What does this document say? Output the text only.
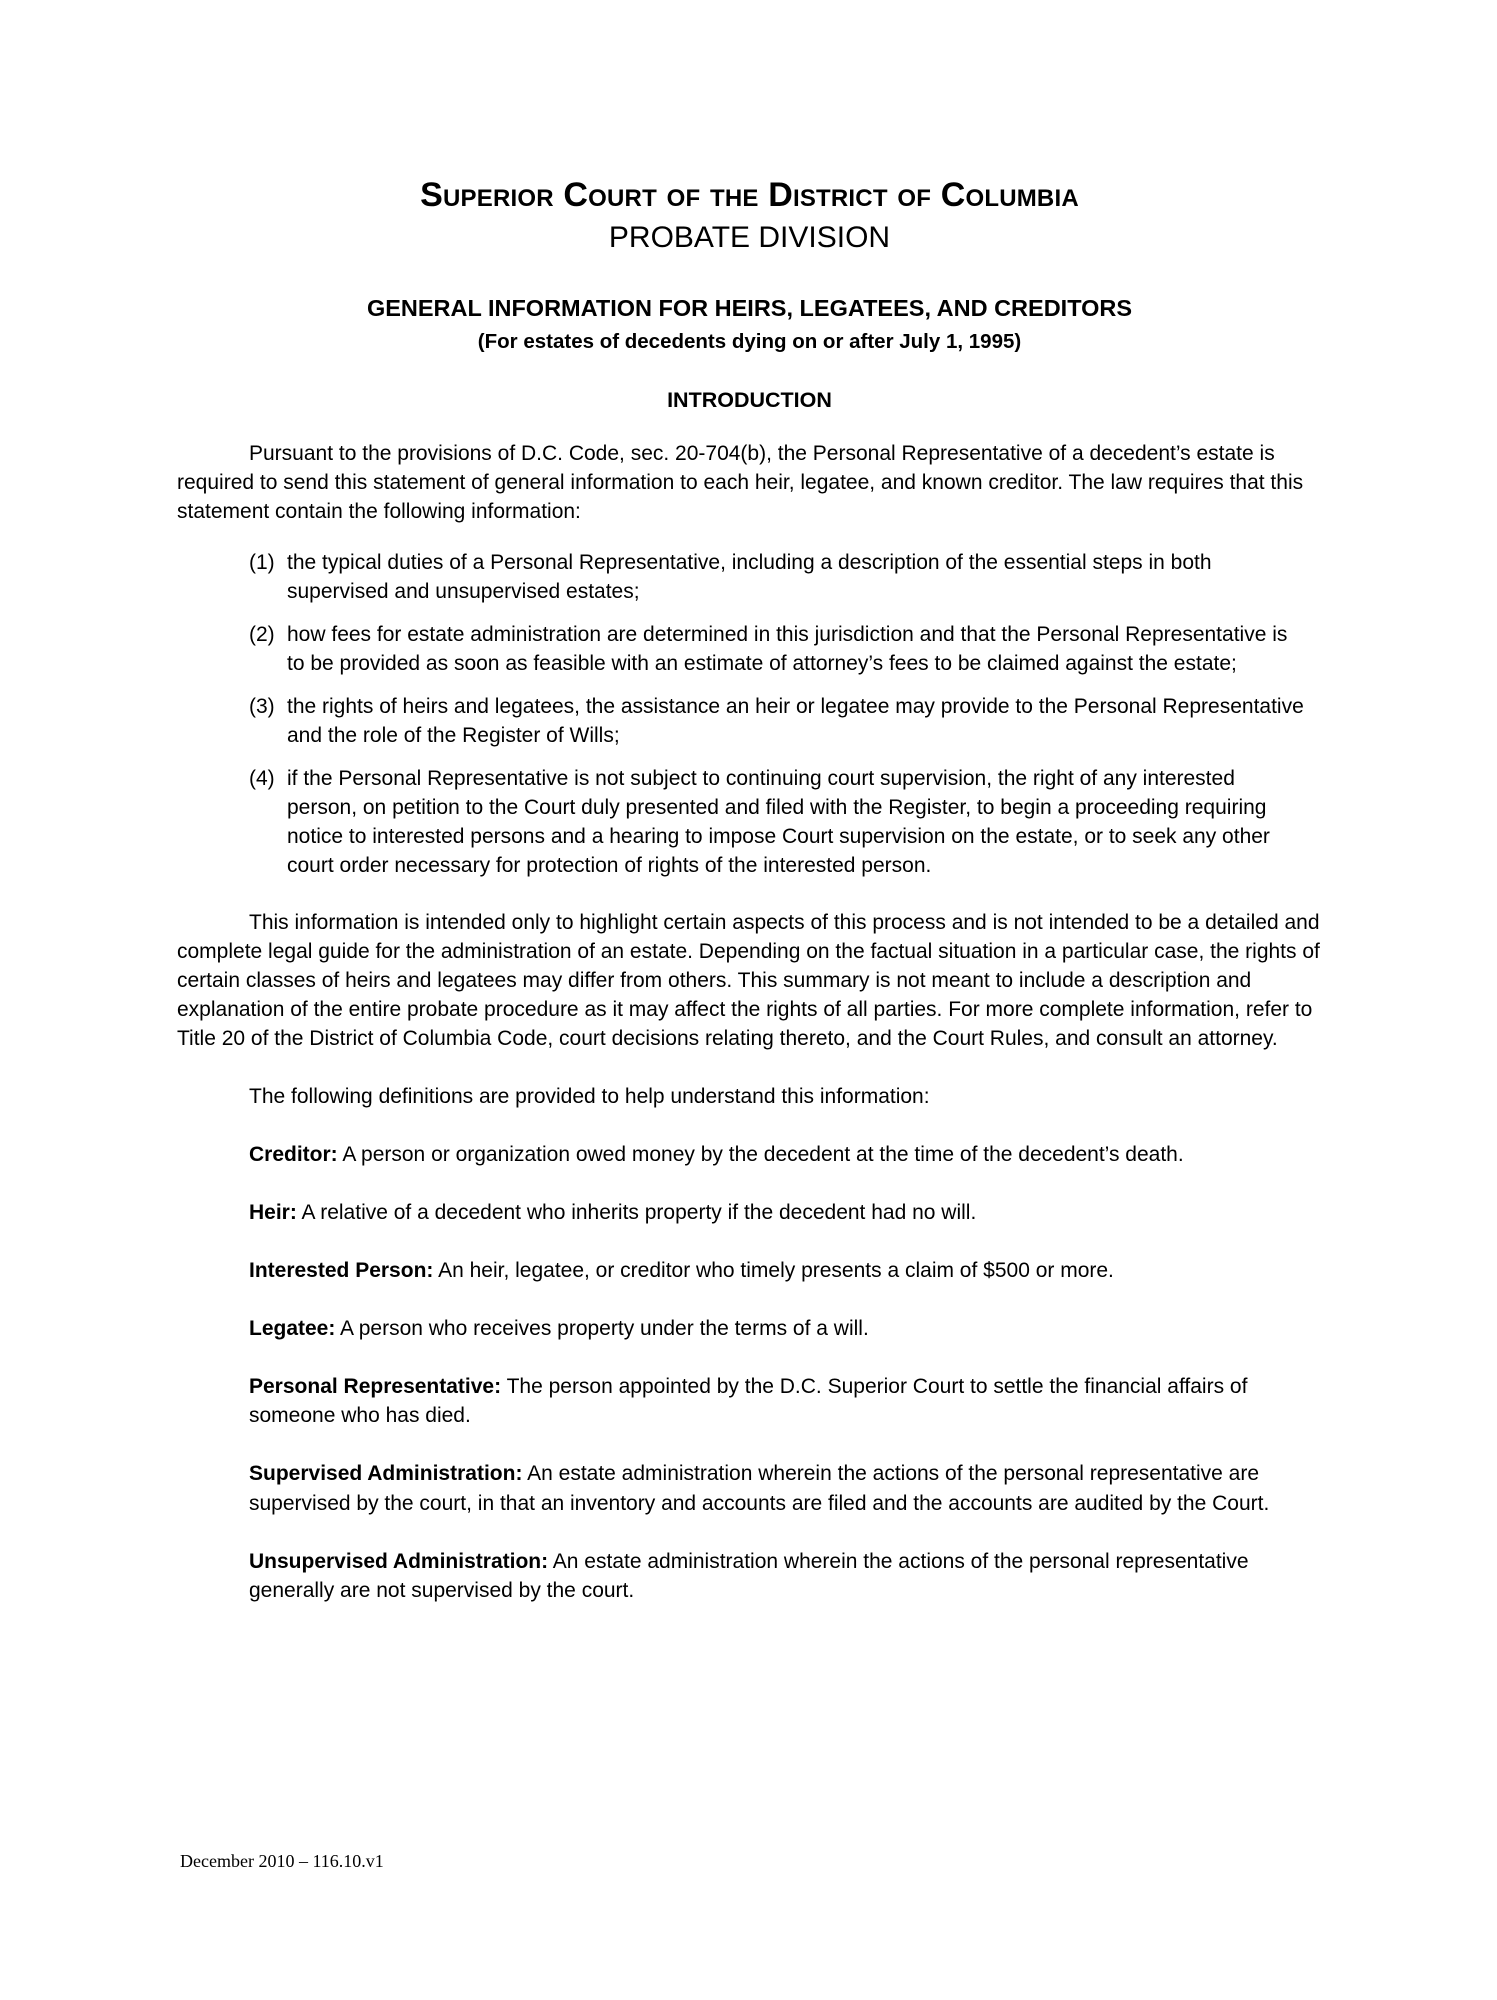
Superior Court of the District of Columbia
PROBATE DIVISION
GENERAL INFORMATION FOR HEIRS, LEGATEES, AND CREDITORS
(For estates of decedents dying on or after July 1, 1995)
INTRODUCTION

Pursuant to the provisions of D.C. Code, sec. 20-704(b), the Personal Representative of a decedent’s estate is required to send this statement of general information to each heir, legatee, and known creditor. The law requires that this statement contain the following information:

(1) the typical duties of a Personal Representative, including a description of the essential steps in both supervised and unsupervised estates;
(2) how fees for estate administration are determined in this jurisdiction and that the Personal Representative is to be provided as soon as feasible with an estimate of attorney’s fees to be claimed against the estate;
(3) the rights of heirs and legatees, the assistance an heir or legatee may provide to the Personal Representative and the role of the Register of Wills;
(4) if the Personal Representative is not subject to continuing court supervision, the right of any interested person, on petition to the Court duly presented and filed with the Register, to begin a proceeding requiring notice to interested persons and a hearing to impose Court supervision on the estate, or to seek any other court order necessary for protection of rights of the interested person.

This information is intended only to highlight certain aspects of this process and is not intended to be a detailed and complete legal guide for the administration of an estate. Depending on the factual situation in a particular case, the rights of certain classes of heirs and legatees may differ from others. This summary is not meant to include a description and explanation of the entire probate procedure as it may affect the rights of all parties. For more complete information, refer to Title 20 of the District of Columbia Code, court decisions relating thereto, and the Court Rules, and consult an attorney.

The following definitions are provided to help understand this information:

Creditor: A person or organization owed money by the decedent at the time of the decedent’s death.

Heir: A relative of a decedent who inherits property if the decedent had no will.

Interested Person: An heir, legatee, or creditor who timely presents a claim of $500 or more.

Legatee: A person who receives property under the terms of a will.

Personal Representative: The person appointed by the D.C. Superior Court to settle the financial affairs of someone who has died.

Supervised Administration: An estate administration wherein the actions of the personal representative are supervised by the court, in that an inventory and accounts are filed and the accounts are audited by the Court.

Unsupervised Administration: An estate administration wherein the actions of the personal representative generally are not supervised by the court.

December 2010 – 116.10.v1
